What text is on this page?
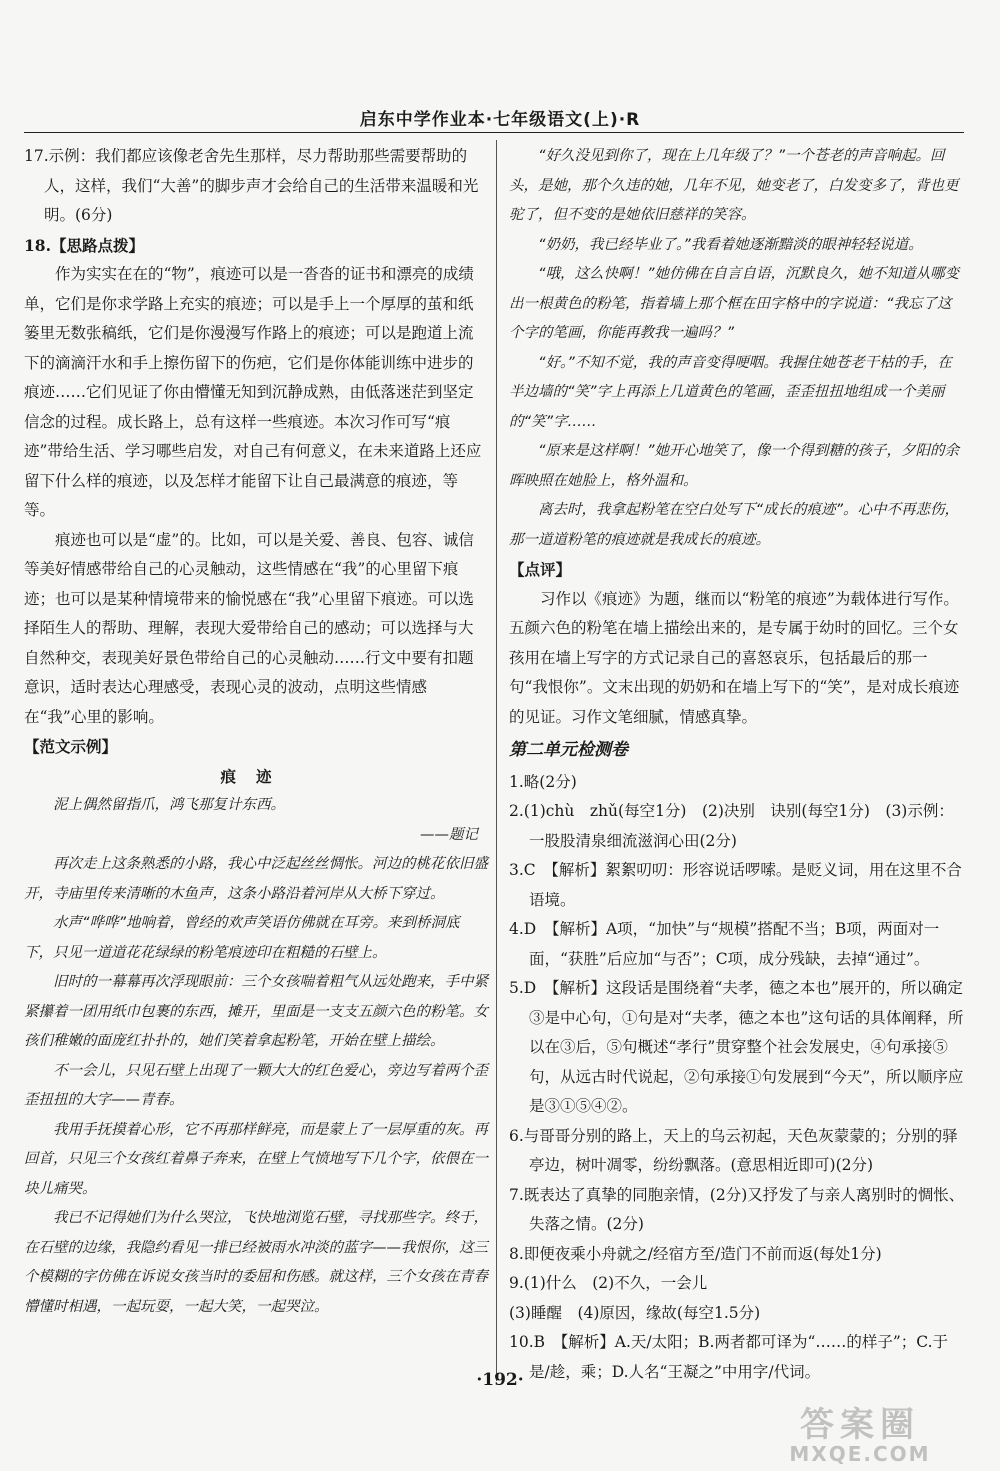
启东中学作业本·七年级语文(上)·R

17.示例：我们都应该像老舍先生那样，尽力帮助那些需要帮助的人，这样，我们“大善”的脚步声才会给自己的生活带来温暖和光明。(6分)

18.【思路点拨】

作为实实在在的“物”，痕迹可以是一沓沓的证书和漂亮的成绩单，它们是你求学路上充实的痕迹；可以是手上一个厚厚的茧和纸篓里无数张稿纸，它们是你漫漫写作路上的痕迹；可以是跑道上流下的滴滴汗水和手上擦伤留下的伤疤，它们是你体能训练中进步的痕迹……它们见证了你由懵懂无知到沉静成熟，由低落迷茫到坚定信念的过程。成长路上，总有这样一些痕迹。本次习作可写“痕迹”带给生活、学习哪些启发，对自己有何意义，在未来道路上还应留下什么样的痕迹，以及怎样才能留下让自己最满意的痕迹，等等。

痕迹也可以是“虚”的。比如，可以是关爱、善良、包容、诚信等美好情感带给自己的心灵触动，这些情感在“我”的心里留下痕迹；也可以是某种情境带来的愉悦感在“我”心里留下痕迹。可以选择陌生人的帮助、理解，表现大爱带给自己的感动；可以选择与大自然种交，表现美好景色带给自己的心灵触动……行文中要有扣题意识，适时表达心理感受，表现心灵的波动，点明这些情感在“我”心里的影响。

【范文示例】

痕迹

泥上偶然留指爪，鸿飞那复计东西。

——题记

再次走上这条熟悉的小路，我心中泛起丝丝惆怅。河边的桃花依旧盛开，寺庙里传来清晰的木鱼声，这条小路沿着河岸从大桥下穿过。

水声“哗哗”地响着，曾经的欢声笑语仿佛就在耳旁。来到桥洞底下，只见一道道花花绿绿的粉笔痕迹印在粗糙的石壁上。

旧时的一幕幕再次浮现眼前：三个女孩喘着粗气从远处跑来，手中紧紧攥着一团用纸巾包裹的东西，摊开，里面是一支支五颜六色的粉笔。女孩们稚嫩的面庞红扑扑的，她们笑着拿起粉笔，开始在壁上描绘。

不一会儿，只见石壁上出现了一颗大大的红色爱心，旁边写着两个歪歪扭扭的大字——青春。

我用手抚摸着心形，它不再那样鲜亮，而是蒙上了一层厚重的灰。再回首，只见三个女孩红着鼻子奔来，在壁上气愤地写下几个字，依偎在一块儿痛哭。

我已不记得她们为什么哭泣，飞快地浏览石壁，寻找那些字。终于，在石壁的边缘，我隐约看见一排已经被雨水冲淡的蓝字——我恨你，这三个模糊的字仿佛在诉说女孩当时的委屈和伤感。就这样，三个女孩在青春懵懂时相遇，一起玩耍，一起大笑，一起哭泣。

“好久没见到你了，现在上几年级了？”一个苍老的声音响起。回头，是她，那个久违的她，几年不见，她变老了，白发变多了，背也更驼了，但不变的是她依旧慈祥的笑容。

“奶奶，我已经毕业了。”我看着她逐渐黯淡的眼神轻轻说道。

“哦，这么快啊！”她仿佛在自言自语，沉默良久，她不知道从哪变出一根黄色的粉笔，指着墙上那个框在田字格中的字说道：“我忘了这个字的笔画，你能再教我一遍吗？”

“好。”不知不觉，我的声音变得哽咽。我握住她苍老干枯的手，在半边墙的“笑”字上再添上几道黄色的笔画，歪歪扭扭地组成一个美丽的“笑”字……

“原来是这样啊！”她开心地笑了，像一个得到糖的孩子，夕阳的余晖映照在她脸上，格外温和。

离去时，我拿起粉笔在空白处写下“成长的痕迹”。心中不再悲伤，那一道道粉笔的痕迹就是我成长的痕迹。

【点评】

习作以《痕迹》为题，继而以“粉笔的痕迹”为载体进行写作。五颜六色的粉笔在墙上描绘出来的，是专属于幼时的回忆。三个女孩用在墙上写字的方式记录自己的喜怒哀乐，包括最后的那一句“我恨你”。文末出现的奶奶和在墙上写下的“笑”，是对成长痕迹的见证。习作文笔细腻，情感真挚。

第二单元检测卷

1.略(2分)

2.(1)chù　zhǔ(每空1分)　(2)决别　诀别(每空1分)　(3)示例：一股股清泉细流滋润心田(2分)

3.C　【解析】絮絮叨叨：形容说话啰嗦。是贬义词，用在这里不合语境。

4.D　【解析】A项，“加快”与“规模”搭配不当；B项，两面对一面，“获胜”后应加“与否”；C项，成分残缺，去掉“通过”。

5.D　【解析】这段话是围绕着“夫孝，德之本也”展开的，所以确定③是中心句，①句是对“夫孝，德之本也”这句话的具体阐释，所以在③后，⑤句概述“孝行”贯穿整个社会发展史，④句承接⑤句，从远古时代说起，②句承接①句发展到“今天”，所以顺序应是③①⑤④②。

6.与哥哥分别的路上，天上的乌云初起，天色灰蒙蒙的；分别的驿亭边，树叶凋零，纷纷飘落。(意思相近即可)(2分)

7.既表达了真挚的同胞亲情，(2分)又抒发了与亲人离别时的惆怅、失落之情。(2分)

8.即便夜乘小舟就之/经宿方至/造门不前而返(每处1分)

9.(1)什么　(2)不久，一会儿

(3)睡醒　(4)原因，缘故(每空1.5分)

10.B　【解析】A.天/太阳；B.两者都可译为“……的样子”；C.于是/趁，乘；D.人名“王凝之”中用字/代词。

·192·
答案圈
MXQE.COM
